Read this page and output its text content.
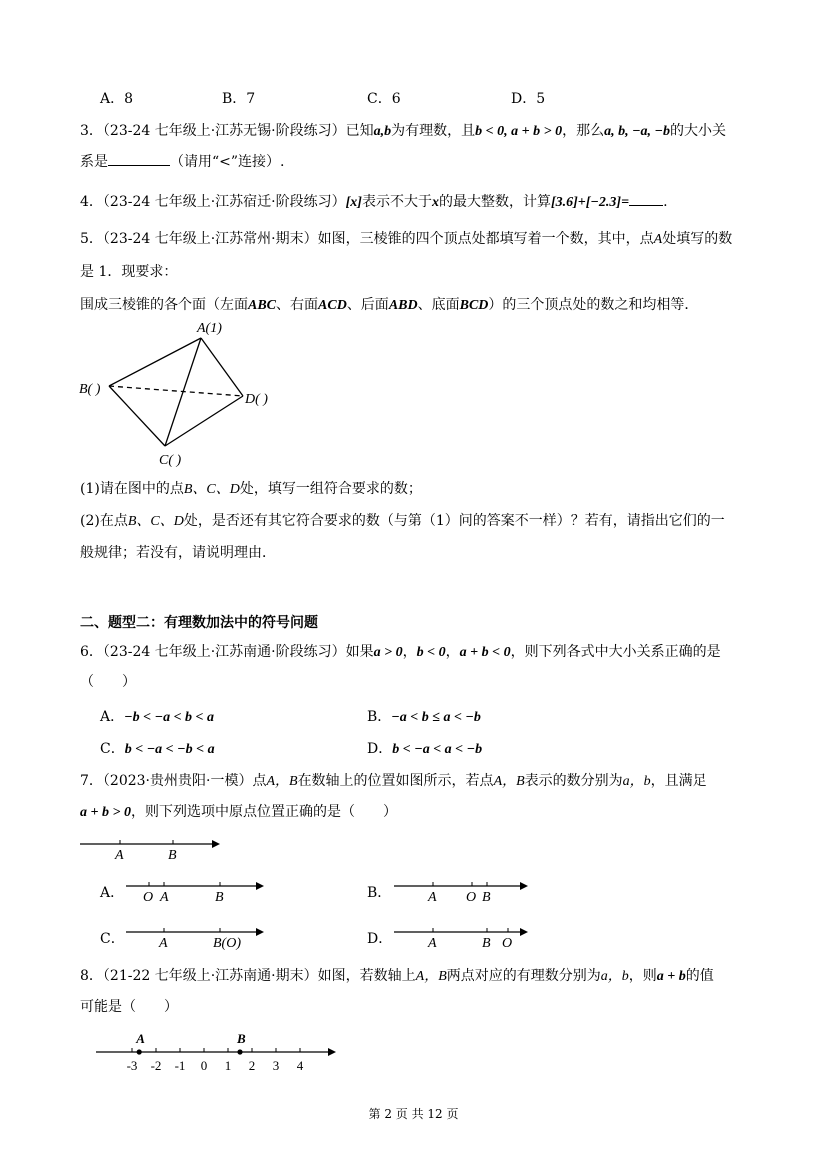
A．8	B．7	C．6	D．5
3．（23-24 七年级上·江苏无锡·阶段练习）已知a,b为有理数，且b < 0, a + b > 0，那么a, b, −a, −b的大小关
系是	（请用“<”连接）.
4．（23-24 七年级上·江苏宿迁·阶段练习）[x]表示不大于x的最大整数，计算[3.6]+[−2.3]= .
5．（23-24 七年级上·江苏常州·期末）如图，三棱锥的四个顶点处都填写着一个数，其中，点A处填写的数
是 1．现要求：
围成三棱锥的各个面（左面ABC、右面ACD、后面ABD、底面BCD）的三个顶点处的数之和均相等．
A(1)
B( )
D( )
C( )
(1)请在图中的点B、C、D处，填写一组符合要求的数；
(2)在点B、C、D处，是否还有其它符合要求的数（与第（1）问的答案不一样）？若有，请指出它们的一
般规律；若没有，请说明理由．
二、题型二：有理数加法中的符号问题
6．（23-24 七年级上·江苏南通·阶段练习）如果a > 0，b < 0，a + b < 0，则下列各式中大小关系正确的是
（　　）
A．−b < −a < b < a	B．−a < b ≤ a < −b
C．b < −a < −b < a	D．b < −a < a < −b
7．（2023·贵州贵阳·一模）点A，B在数轴上的位置如图所示，若点A，B表示的数分别为a，b，且满足
a + b > 0，则下列选项中原点位置正确的是（　　）
A	B
A． O A	B	B．	A O B
C． A	B(O)	D．	A	B O
8．（21-22 七年级上·江苏南通·期末）如图，若数轴上A，B两点对应的有理数分别为a，b，则a + b的值
可能是（　　）
-3 -2 -1 0 1 2 3 4
A	B
第 2 页 共 12 页
